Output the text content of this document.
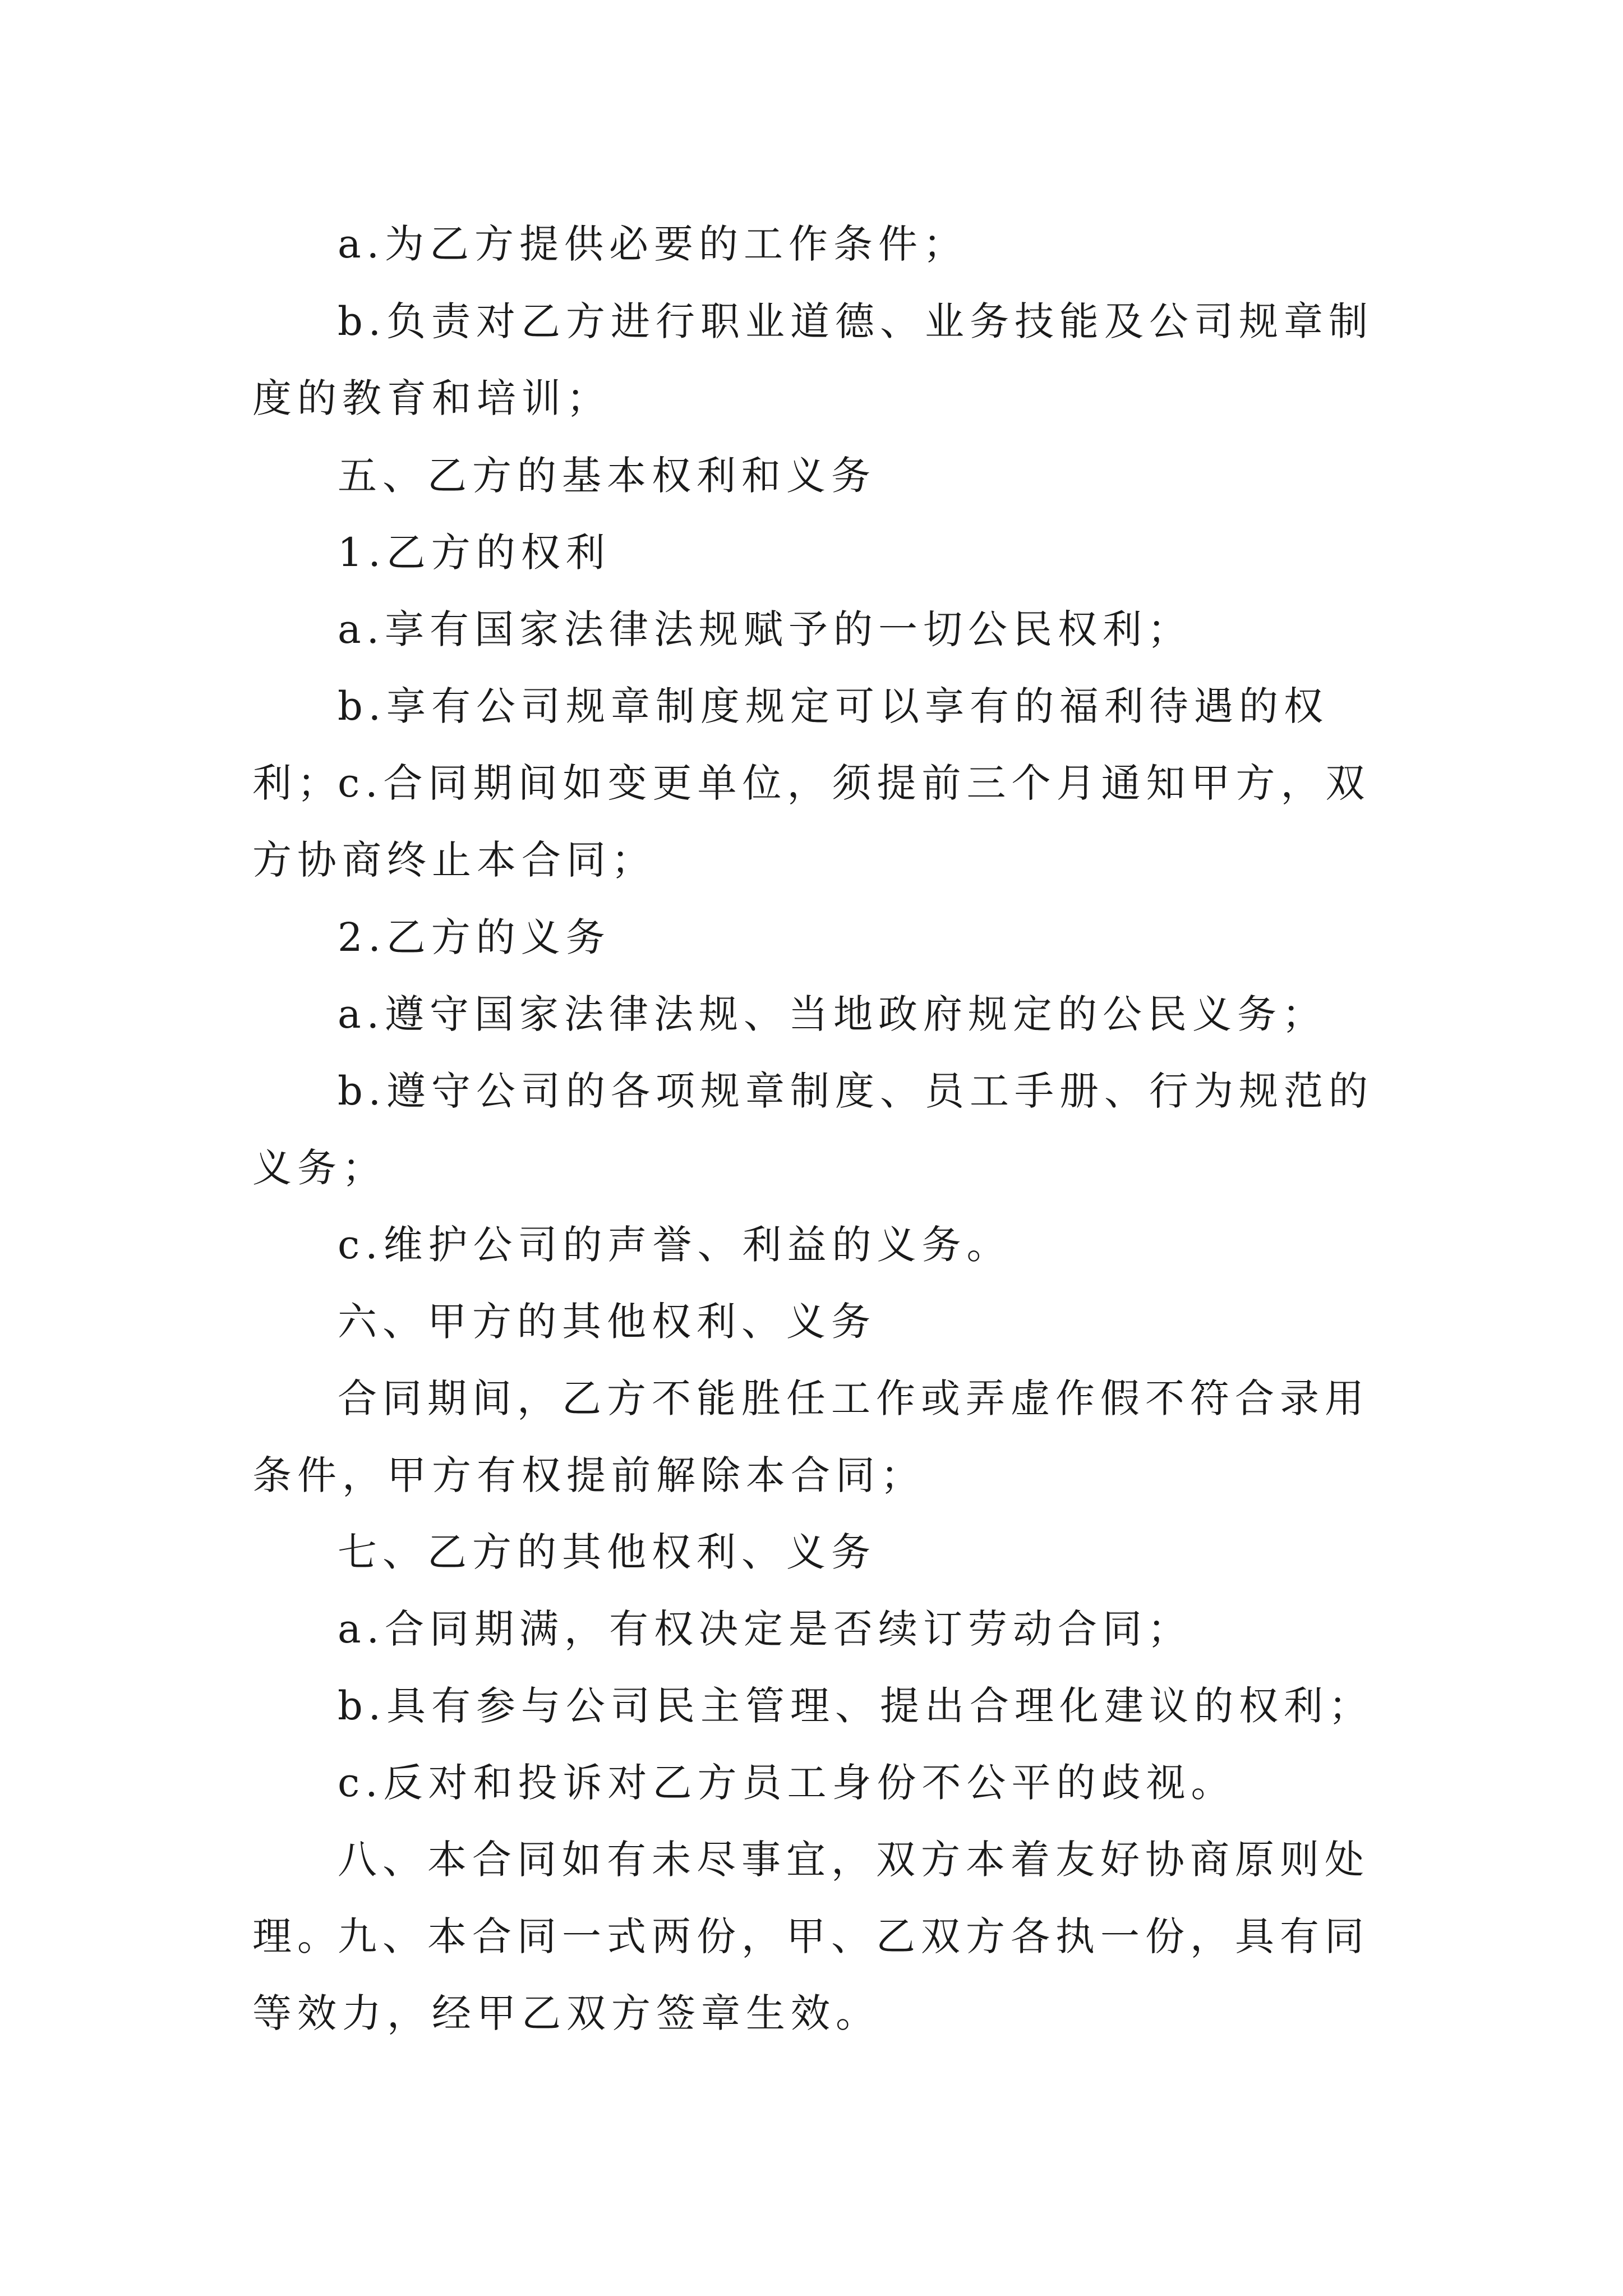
a.为乙方提供必要的工作条件；

b.负责对乙方进行职业道德、业务技能及公司规章制度的教育和培训；

五、乙方的基本权利和义务

1.乙方的权利

a.享有国家法律法规赋予的一切公民权利；

b.享有公司规章制度规定可以享有的福利待遇的权利；

c.合同期间如变更单位，须提前三个月通知甲方，双方协商终止本合同；

2.乙方的义务

a.遵守国家法律法规、当地政府规定的公民义务；

b.遵守公司的各项规章制度、员工手册、行为规范的义务；

c.维护公司的声誉、利益的义务。

六、甲方的其他权利、义务

合同期间，乙方不能胜任工作或弄虚作假不符合录用条件，甲方有权提前解除本合同；

七、乙方的其他权利、义务

a.合同期满，有权决定是否续订劳动合同；

b.具有参与公司民主管理、提出合理化建议的权利；

c.反对和投诉对乙方员工身份不公平的歧视。

八、本合同如有未尽事宜，双方本着友好协商原则处理。

九、本合同一式两份，甲、乙双方各执一份，具有同等效力，经甲乙双方签章生效。
